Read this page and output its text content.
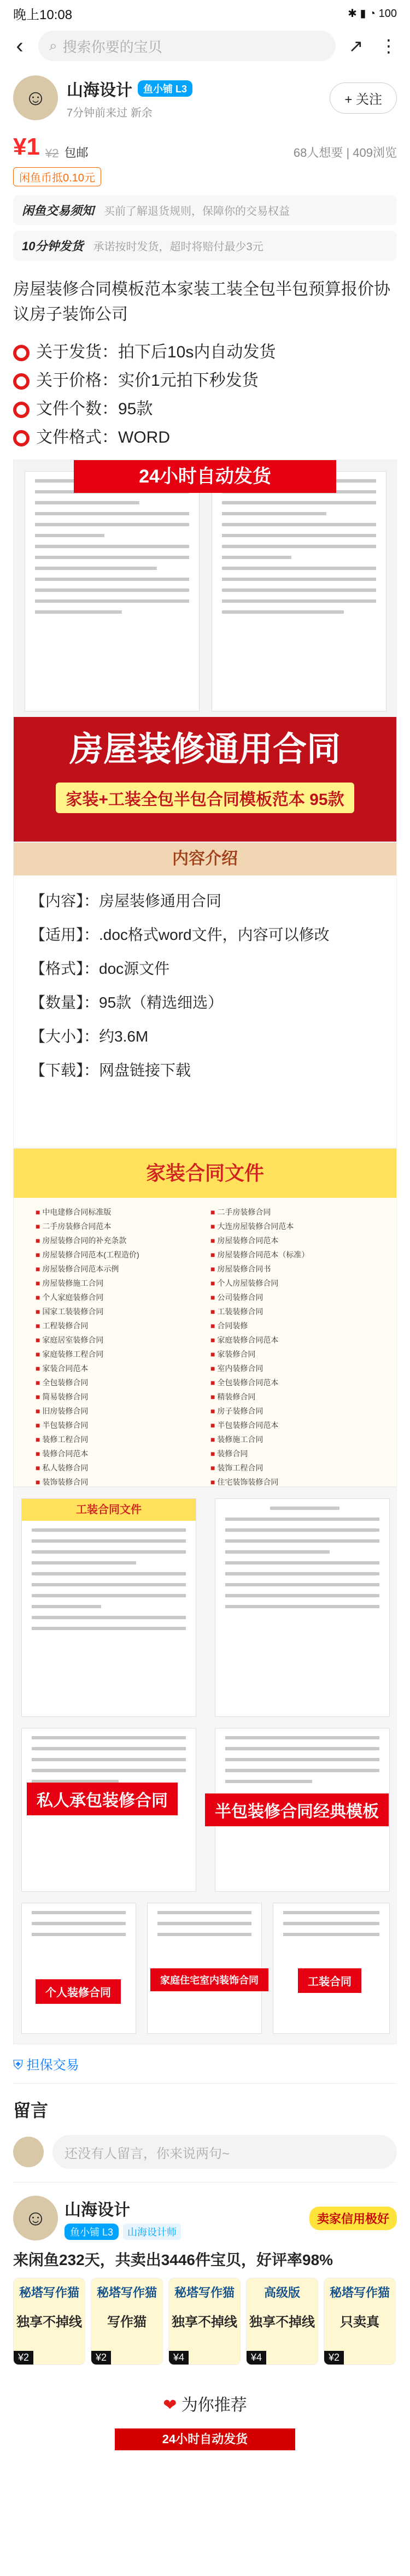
晚上10:08	✱ ▮ ◔ 100
‹	⌕ 搜索你要的宝贝	↗ ⋮
☺	山海设计	鱼小铺 L3
7分钟前来过 新余
+ 关注
¥1 ¥2 包邮	68人想要 | 409浏览
闲鱼币抵0.10元
闲鱼交易须知 买前了解退货规则，保障你的交易权益
10分钟发货 承诺按时发货，超时将赔付最少3元
房屋装修合同模板范本家装工装全包半包预算报价协议房子装饰公司
关于发货：拍下后10s内自动发货
关于价格：实价1元拍下秒发货
文件个数：95款
文件格式：WORD
24小时自动发货
房屋装修通用合同
家装+工装全包半包合同模板范本 95款
内容介绍
【内容】：房屋装修通用合同
【适用】：.doc格式word文件，内容可以修改
【格式】：doc源文件
【数量】：95款（精选细选）
【大小】：约3.6M
【下载】：网盘链接下载
家装合同文件
■ 中电建修合同标准版	■ 二手房装修合同
■ 二手房装修合同范本	■ 大连房屋装修合同范本
■ 房屋装修合同的补充条款	■ 房屋装修合同范本
■ 房屋装修合同范本(工程造价)	■ 房屋装修合同范本（标准）
■ 房屋装修合同范本示例	■ 房屋装修合同书
■ 房屋装修施工合同	■ 个人房屋装修合同
■ 个人家庭装修合同	■ 公司装修合同
■ 国家工装装修合同	■ 工装装修合同
■ 工程装修合同	■ 合同装修
■ 家庭居室装修合同	■ 家庭装修合同范本
■ 家庭装修工程合同	■ 家装修合同
■ 家装合同范本	■ 室内装修合同
■ 全包装修合同	■ 全包装修合同范本
■ 简易装修合同	■ 精装修合同
■ 旧房装修合同	■ 房子装修合同
■ 半包装修合同	■ 半包装修合同范本
■ 装修工程合同	■ 装修施工合同
■ 装修合同范本	■ 装修合同
■ 私人装修合同	■ 装饰工程合同
■ 装饰装修合同	■ 住宅装饰装修合同
工装合同文件
私人承包装修合同
半包装修合同经典模板
个人装修合同
家庭住宅室内装饰合同	工装合同
⛨ 担保交易
留言
还没有人留言，你来说两句~
☺	山海设计
鱼小铺 L3	山海设计师
卖家信用极好
来闲鱼232天，共卖出3446件宝贝，好评率98%
秘塔写作猫
独享不掉线
¥2
秘塔写作猫
写作猫
¥2
秘塔写作猫
独享不掉线
¥4
高级版
独享不掉线
¥4
秘塔写作猫
只卖真
¥2
❤ 为你推荐
24小时自动发货
